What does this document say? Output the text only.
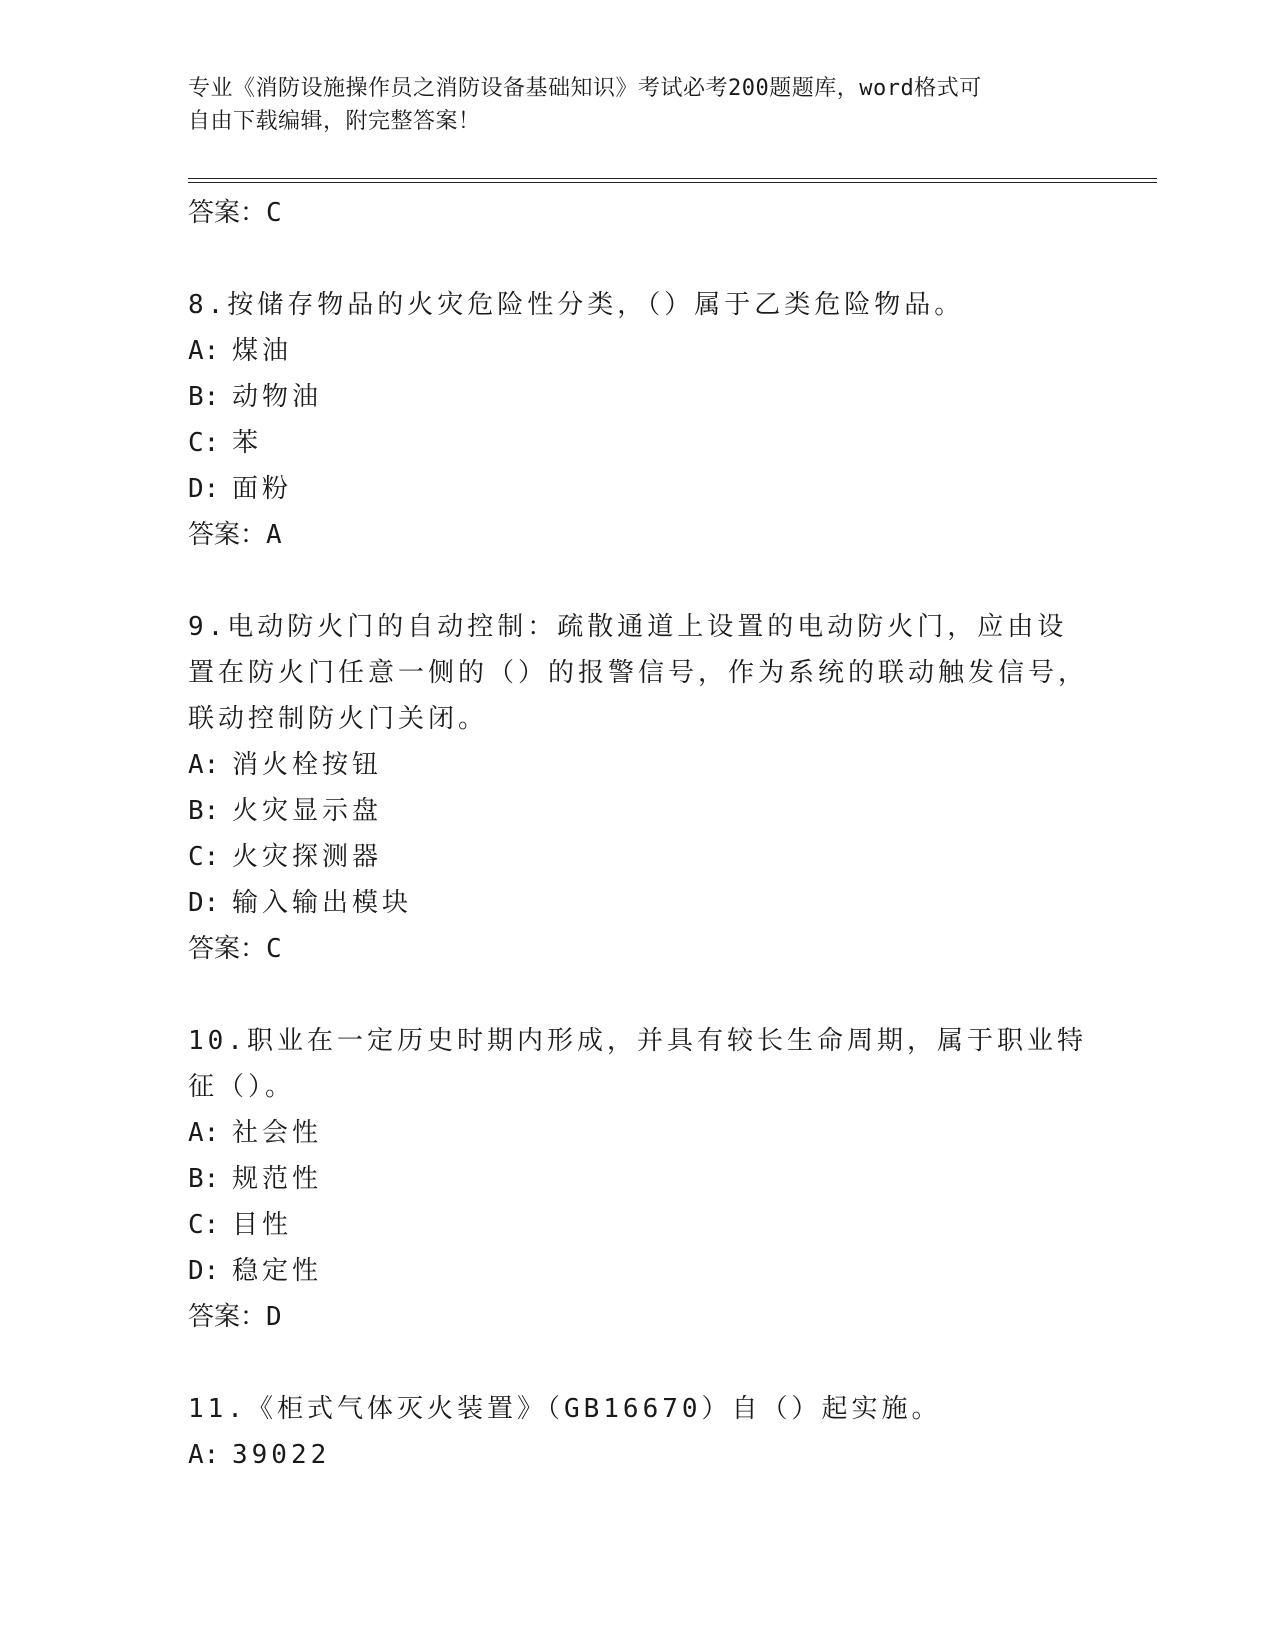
专业《消防设施操作员之消防设备基础知识》考试必考200题题库，word格式可
自由下载编辑，附完整答案！
答案：C
8.按储存物品的火灾危险性分类，（）属于乙类危险物品。
A: 煤油
B: 动物油
C: 苯
D: 面粉
答案：A
9.电动防火门的自动控制：疏散通道上设置的电动防火门，应由设置在防火门任意一侧的（）的报警信号，作为系统的联动触发信号，联动控制防火门关闭。
A: 消火栓按钮
B: 火灾显示盘
C: 火灾探测器
D: 输入输出模块
答案：C
10.职业在一定历史时期内形成，并具有较长生命周期，属于职业特征（）。
A: 社会性
B: 规范性
C: 目性
D: 稳定性
答案：D
11.《柜式气体灭火装置》（GB16670）自（）起实施。
A: 39022
